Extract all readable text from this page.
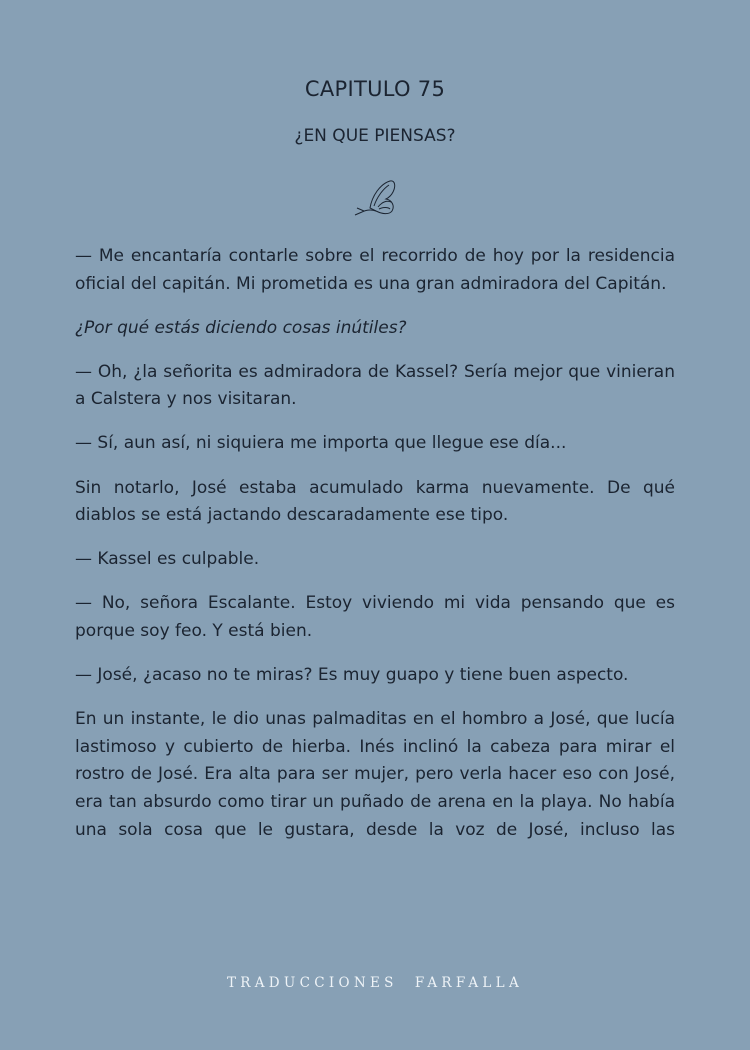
CAPITULO 75
¿EN QUE PIENSAS?

— Me encantaría contarle sobre el recorrido de hoy por la residencia oficial del capitán. Mi prometida es una gran admiradora del Capitán.

¿Por qué estás diciendo cosas inútiles?

— Oh, ¿la señorita es admiradora de Kassel? Sería mejor que vinieran a Calstera y nos visitaran.

— Sí, aun así, ni siquiera me importa que llegue ese día...

Sin notarlo, José estaba acumulado karma nuevamente. De qué diablos se está jactando descaradamente ese tipo.

— Kassel es culpable.

— No, señora Escalante. Estoy viviendo mi vida pensando que es porque soy feo. Y está bien.

— José, ¿acaso no te miras? Es muy guapo y tiene buen aspecto.

En un instante, le dio unas palmaditas en el hombro a José, que lucía lastimoso y cubierto de hierba. Inés inclinó la cabeza para mirar el rostro de José. Era alta para ser mujer, pero verla hacer eso con José, era tan absurdo como tirar un puñado de arena en la playa. No había una sola cosa que le gustara, desde la voz de José, incluso las

TRADUCCIONES  FARFALLA
